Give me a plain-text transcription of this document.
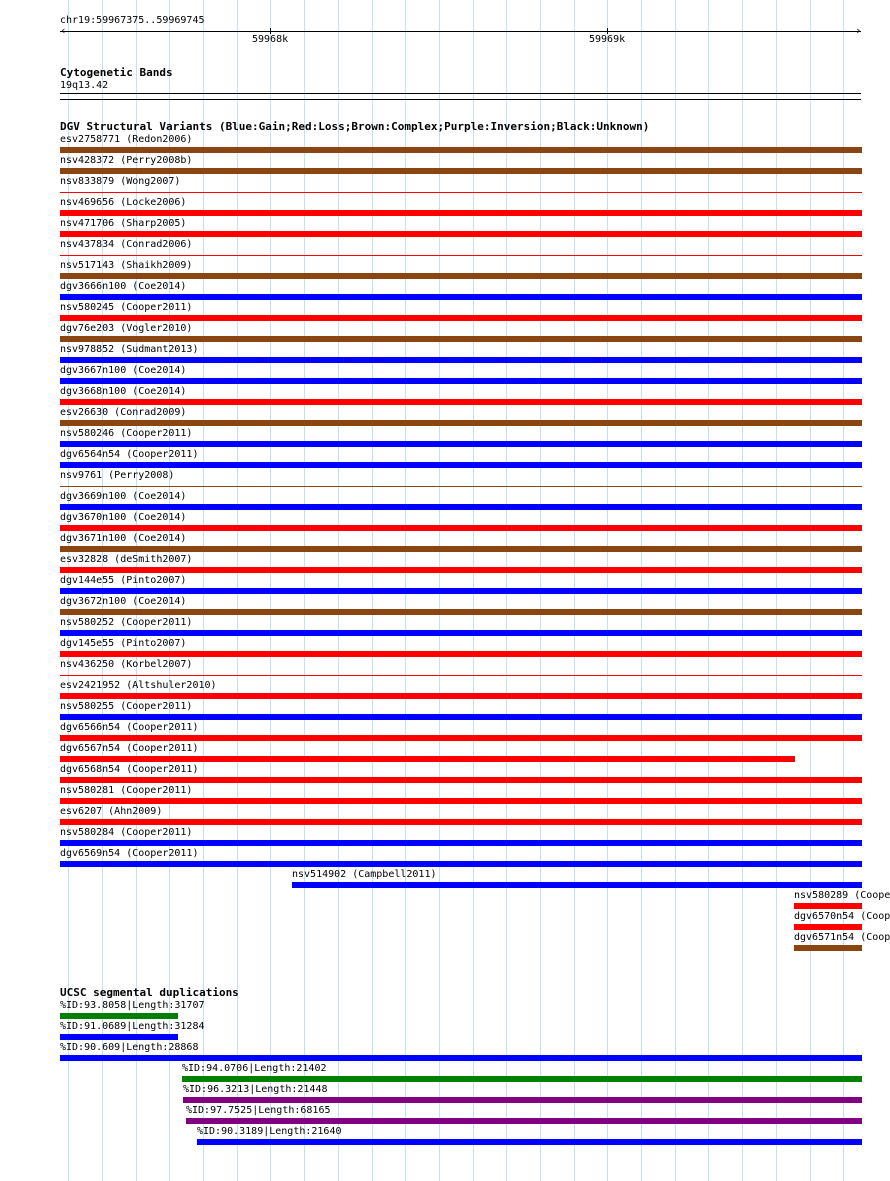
chr19:59967375..59969745
‹	›
59968k	59969k
Cytogenetic Bands
19q13.42
DGV Structural Variants (Blue:Gain;Red:Loss;Brown:Complex;Purple:Inversion;Black:Unknown)
esv2758771 (Redon2006)
nsv428372 (Perry2008b)
nsv833879 (Wong2007)
nsv469656 (Locke2006)
nsv471706 (Sharp2005)
nsv437834 (Conrad2006)
nsv517143 (Shaikh2009)
dgv3666n100 (Coe2014)
nsv580245 (Cooper2011)
dgv76e203 (Vogler2010)
nsv978852 (Sudmant2013)
dgv3667n100 (Coe2014)
dgv3668n100 (Coe2014)
esv26630 (Conrad2009)
nsv580246 (Cooper2011)
dgv6564n54 (Cooper2011)
nsv9761 (Perry2008)
dgv3669n100 (Coe2014)
dgv3670n100 (Coe2014)
dgv3671n100 (Coe2014)
esv32828 (deSmith2007)
dgv144e55 (Pinto2007)
dgv3672n100 (Coe2014)
nsv580252 (Cooper2011)
dgv145e55 (Pinto2007)
nsv436250 (Korbel2007)
esv2421952 (Altshuler2010)
nsv580255 (Cooper2011)
dgv6566n54 (Cooper2011)
dgv6567n54 (Cooper2011)
dgv6568n54 (Cooper2011)
nsv580281 (Cooper2011)
esv6207 (Ahn2009)
nsv580284 (Cooper2011)
dgv6569n54 (Cooper2011)
nsv514902 (Campbell2011)
nsv580289 (Coope
dgv6570n54 (Coop
dgv6571n54 (Coop
UCSC segmental duplications
%ID:93.8058|Length:31707
%ID:91.0689|Length:31284
%ID:90.609|Length:28868
%ID:94.0706|Length:21402
%ID:96.3213|Length:21448
%ID:97.7525|Length:68165
%ID:90.3189|Length:21640
